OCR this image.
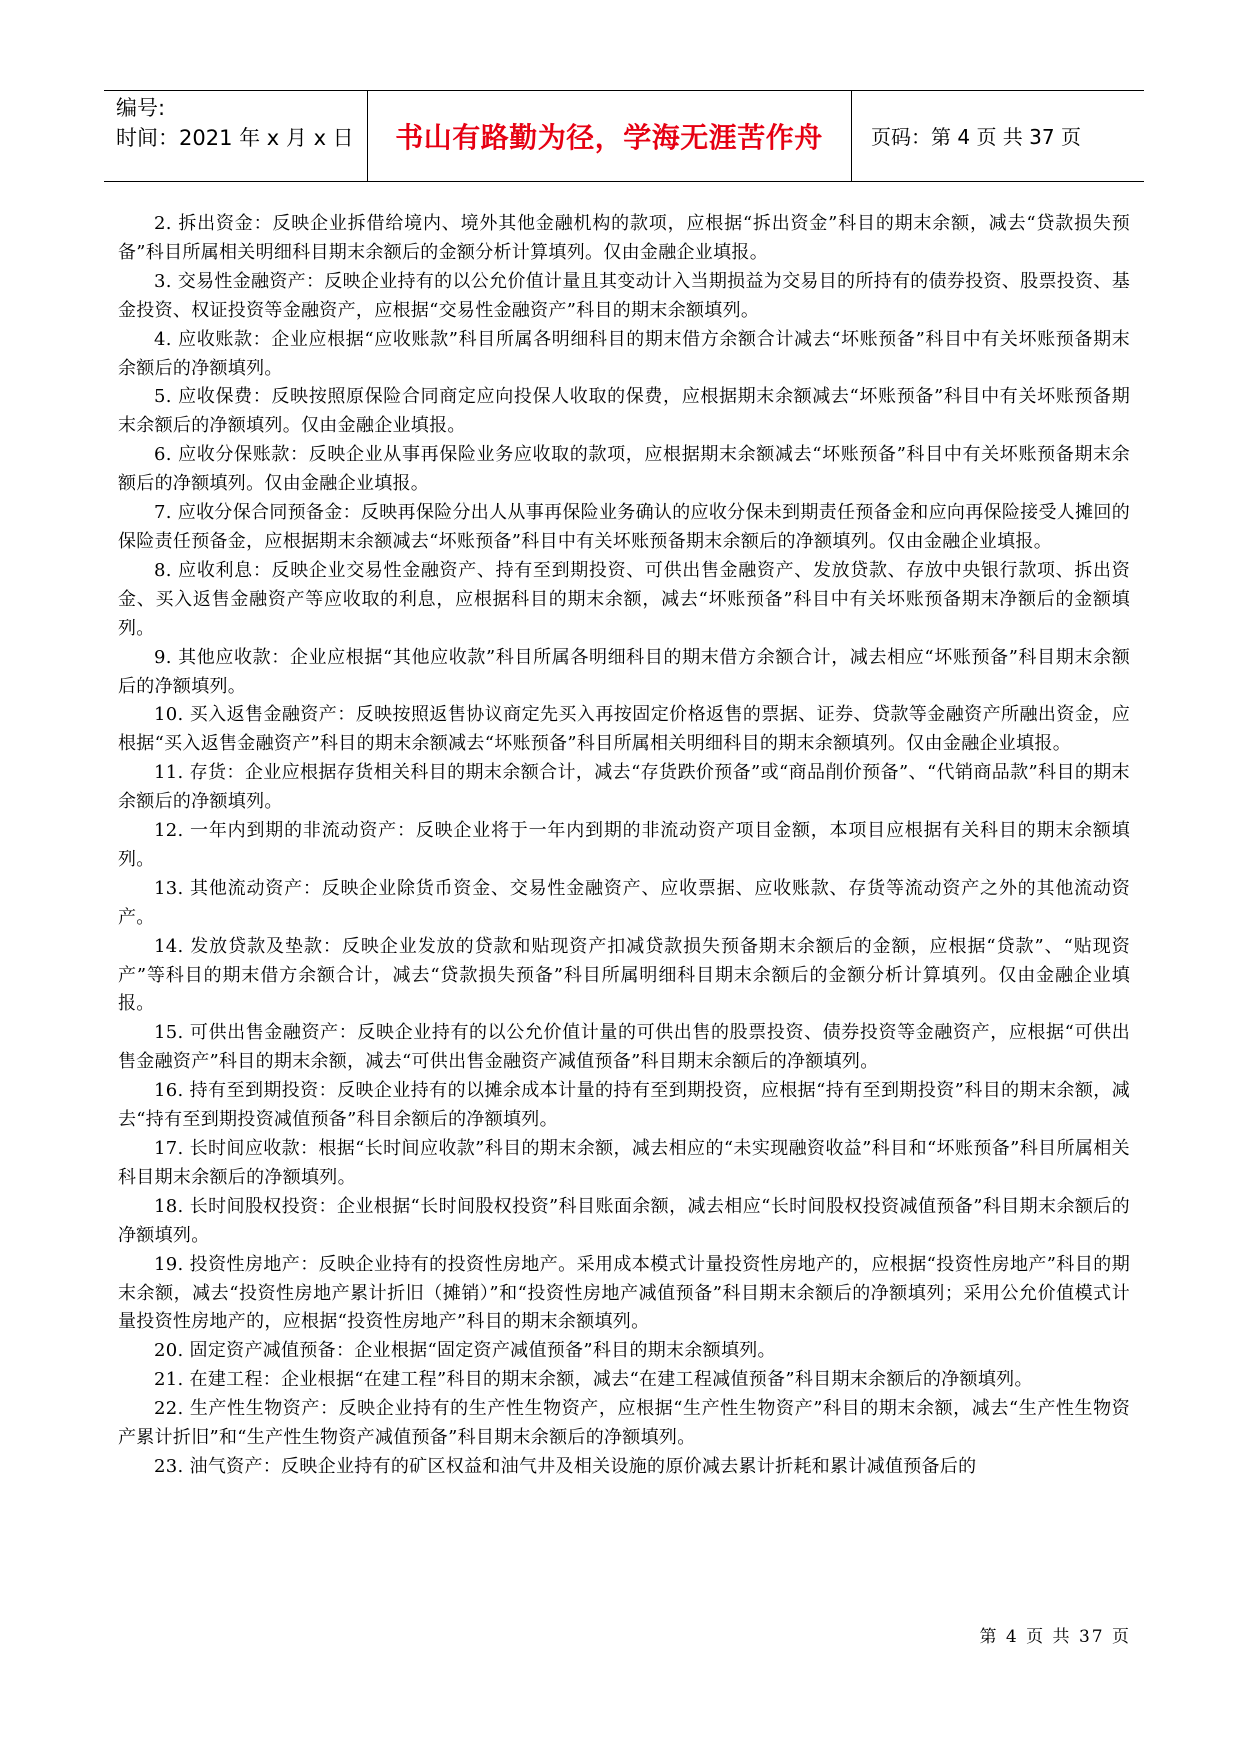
编号:
时间：2021 年 x 月 x 日	书山有路勤为径，学海无涯苦作舟	页码：第 4 页 共 37 页

2. 拆出资金：反映企业拆借给境内、境外其他金融机构的款项，应根据“拆出资金”科目的期末余额，减去“贷款损失预备”科目所属相关明细科目期末余额后的金额分析计算填列。仅由金融企业填报。

3. 交易性金融资产：反映企业持有的以公允价值计量且其变动计入当期损益为交易目的所持有的债券投资、股票投资、基金投资、权证投资等金融资产，应根据“交易性金融资产”科目的期末余额填列。

4. 应收账款：企业应根据“应收账款”科目所属各明细科目的期末借方余额合计减去“坏账预备”科目中有关坏账预备期末余额后的净额填列。

5. 应收保费：反映按照原保险合同商定应向投保人收取的保费，应根据期末余额减去“坏账预备”科目中有关坏账预备期末余额后的净额填列。仅由金融企业填报。

6. 应收分保账款：反映企业从事再保险业务应收取的款项，应根据期末余额减去“坏账预备”科目中有关坏账预备期末余额后的净额填列。仅由金融企业填报。

7. 应收分保合同预备金：反映再保险分出人从事再保险业务确认的应收分保未到期责任预备金和应向再保险接受人摊回的保险责任预备金，应根据期末余额减去“坏账预备”科目中有关坏账预备期末余额后的净额填列。仅由金融企业填报。

8. 应收利息：反映企业交易性金融资产、持有至到期投资、可供出售金融资产、发放贷款、存放中央银行款项、拆出资金、买入返售金融资产等应收取的利息，应根据科目的期末余额，减去“坏账预备”科目中有关坏账预备期末净额后的金额填列。

9. 其他应收款：企业应根据“其他应收款”科目所属各明细科目的期末借方余额合计，减去相应“坏账预备”科目期末余额后的净额填列。

10. 买入返售金融资产：反映按照返售协议商定先买入再按固定价格返售的票据、证券、贷款等金融资产所融出资金，应根据“买入返售金融资产”科目的期末余额减去“坏账预备”科目所属相关明细科目的期末余额填列。仅由金融企业填报。

11. 存货：企业应根据存货相关科目的期末余额合计，减去“存货跌价预备”或“商品削价预备”、“代销商品款”科目的期末余额后的净额填列。

12. 一年内到期的非流动资产：反映企业将于一年内到期的非流动资产项目金额，本项目应根据有关科目的期末余额填列。

13. 其他流动资产：反映企业除货币资金、交易性金融资产、应收票据、应收账款、存货等流动资产之外的其他流动资产。

14. 发放贷款及垫款：反映企业发放的贷款和贴现资产扣减贷款损失预备期末余额后的金额，应根据“贷款”、“贴现资产”等科目的期末借方余额合计，减去“贷款损失预备”科目所属明细科目期末余额后的金额分析计算填列。仅由金融企业填报。

15. 可供出售金融资产：反映企业持有的以公允价值计量的可供出售的股票投资、债券投资等金融资产，应根据“可供出售金融资产”科目的期末余额，减去“可供出售金融资产减值预备”科目期末余额后的净额填列。

16. 持有至到期投资：反映企业持有的以摊余成本计量的持有至到期投资，应根据“持有至到期投资”科目的期末余额，减去“持有至到期投资减值预备”科目余额后的净额填列。

17. 长时间应收款：根据“长时间应收款”科目的期末余额，减去相应的“未实现融资收益”科目和“坏账预备”科目所属相关科目期末余额后的净额填列。

18. 长时间股权投资：企业根据“长时间股权投资”科目账面余额，减去相应“长时间股权投资减值预备”科目期末余额后的净额填列。

19. 投资性房地产：反映企业持有的投资性房地产。采用成本模式计量投资性房地产的，应根据“投资性房地产”科目的期末余额，减去“投资性房地产累计折旧（摊销）”和“投资性房地产减值预备”科目期末余额后的净额填列；采用公允价值模式计量投资性房地产的，应根据“投资性房地产”科目的期末余额填列。

20. 固定资产减值预备：企业根据“固定资产减值预备”科目的期末余额填列。

21. 在建工程：企业根据“在建工程”科目的期末余额，减去“在建工程减值预备”科目期末余额后的净额填列。

22. 生产性生物资产：反映企业持有的生产性生物资产，应根据“生产性生物资产”科目的期末余额，减去“生产性生物资产累计折旧”和“生产性生物资产减值预备”科目期末余额后的净额填列。

23. 油气资产：反映企业持有的矿区权益和油气井及相关设施的原价减去累计折耗和累计减值预备后的

第 4 页 共 37 页
